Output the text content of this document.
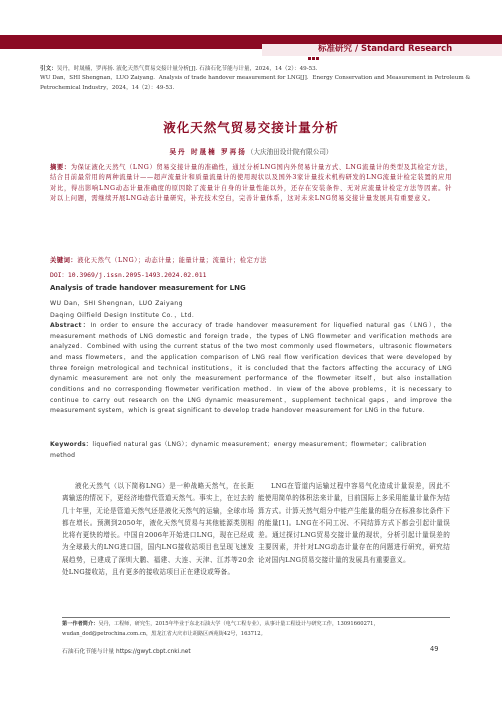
标准研究 / Standard Research
引文：吴丹，时晟楠，罗再扬. 液化天然气贸易交接计量分析[J]. 石油石化节能与计量，2024，14（2）：49-53.
WU Dan，SHI Shengnan，LUO Zaiyang．Analysis of trade handover measurement for LNG[J]．Energy Conservation and Measurement in Petroleum & Petrochemical Industry，2024，14（2）：49-53.
液化天然气贸易交接计量分析
吴丹 时晟楠 罗再扬（大庆油田设计院有限公司）
摘要：为保证液化天然气（LNG）贸易交接计量的准确性，通过分析LNG国内外贸易计量方式、LNG流量计的类型及其检定方法，结合目前最常用的两种流量计——超声流量计和质量流量计的使用现状以及国外3家计量技术机构研发的LNG流量计检定装置的应用对比，得出影响LNG动态计量准确度的原因除了流量计自身的计量性能以外，还存在安装条件、无对应流量计检定方法等因素。针对以上问题，需继续开展LNG动态计量研究，补充技术空白，完善计量体系，这对未来LNG贸易交接计量发展具有重要意义。
关键词：液化天然气（LNG）；动态计量；能量计量；流量计；检定方法
DOI：10.3969/j.issn.2095-1493.2024.02.011
Analysis of trade handover measurement for LNG
WU Dan，SHI Shengnan，LUO Zaiyang
Daqing Oilfield Design Institute Co．，Ltd．
Abstract：In order to ensure the accuracy of trade handover measurement for liquefied natural gas（LNG），the measurement methods of LNG domestic and foreign trade，the types of LNG flowmeter and verification methods are analyzed．Combined with using the current status of the two most commonly used flowmeters，ultrasonic flowmeters and mass flowmeters，and the application comparison of LNG real flow verification devices that were developed by three foreign metrological and technical institutions，it is concluded that the factors affecting the accuracy of LNG dynamic measurement are not only the measurement performance of the flowmeter itself，but also installation conditions and no corresponding flowmeter verification method．In view of the above problems，it is necessary to continue to carry out research on the LNG dynamic measurement，supplement technical gaps，and improve the measurement system，which is great significant to develop trade handover measurement for LNG in the future．
Keywords：liquefied natural gas（LNG）；dynamic measurement；energy measurement；flowmeter；calibration method
液化天然气（以下简称LNG）是一种战略天然气，在长距离输送的情况下，更经济地替代管道天然气。事实上，在过去的几十年里，无论是管道天然气还是液化天然气的运输，全球市场都在增长。预测到2050年，液化天然气贸易与其他能源类别相比将有更快的增长。中国自2006年开始进口LNG，现在已经成为全球最大的LNG进口国，国内LNG接收站项目也呈现飞速发展趋势，已建成了深圳大鹏、福建、大连、天津、江苏等20余处LNG接收站，且有更多的接收站项目正在建设或筹备。
LNG在管道内运输过程中容易气化造成计量误差，因此不能使用简单的体积法来计量，目前国际上多采用能量计量作为结算方式。计算天然气组分中能产生能量的组分在标准参比条件下的能量[1]。LNG在不同工况、不同结算方式下都会引起计量误差。通过探讨LNG贸易交接计量的现状，分析引起计量误差的主要因素，并针对LNG动态计量存在的问题进行研究，研究结论对国内LNG贸易交接计量的发展具有重要意义。
第一作者简介：吴丹，工程师，研究生，2015年毕业于东北石油大学（电气工程专业），从事计量工程设计与研究工作，13091660271，wudan_dod@petrochina.com.cn，黑龙江省大庆市让胡路区西苑街42号，163712。
石油石化节能与计量 https://gwyt.cbpt.cnki.net	49
